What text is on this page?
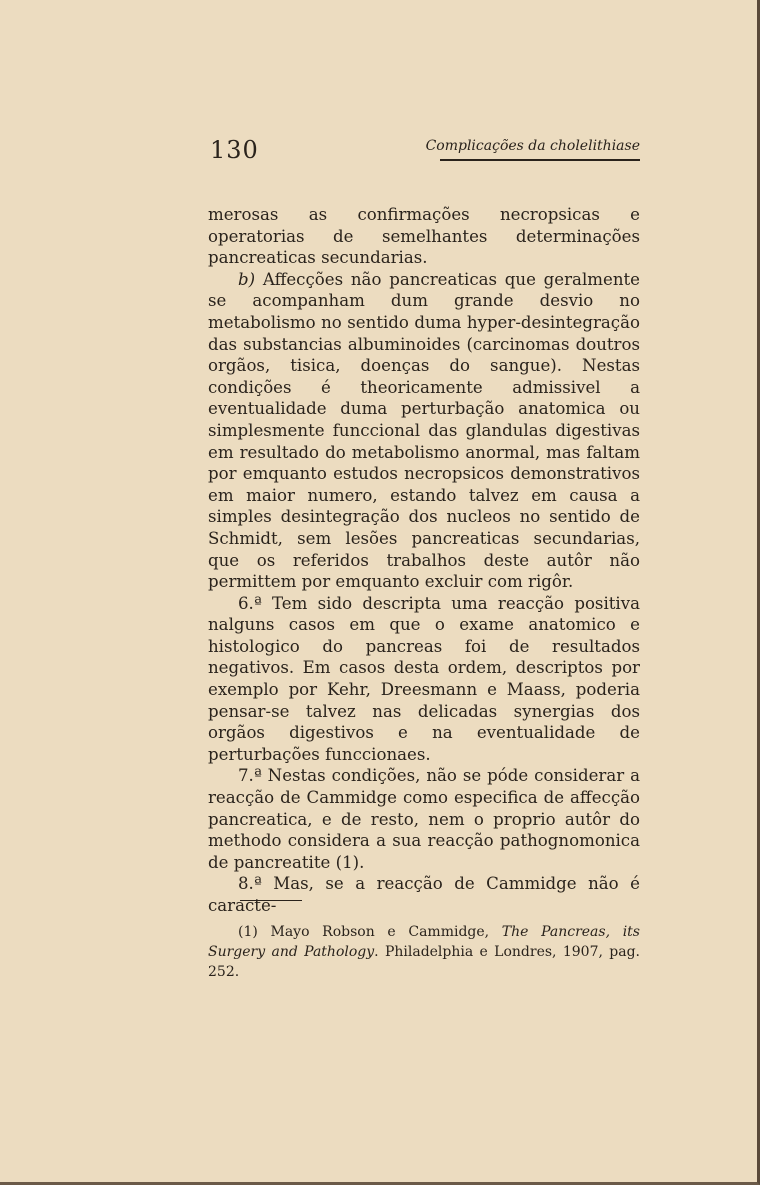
130	Complicações da cholelithiase

merosas as confirmações necropsicas e operatorias de semelhantes determinações pancreaticas secundarias.

b) Affecções não pancreaticas que geralmente se acompanham dum grande desvio no metabolismo no sentido duma hyper-desintegração das substancias albuminoides (carcinomas doutros orgãos, tisica, doenças do sangue). Nestas condições é theoricamente admissivel a eventualidade duma perturbação anatomica ou simplesmente funccional das glandulas digestivas em resultado do metabolismo anormal, mas faltam por emquanto estudos necropsicos demonstrativos em maior numero, estando talvez em causa a simples desintegração dos nucleos no sentido de Schmidt, sem lesões pancreaticas secundarias, que os referidos trabalhos deste autôr não permittem por emquanto excluir com rigôr.

6.ª Tem sido descripta uma reacção positiva nalguns casos em que o exame anatomico e histologico do pancreas foi de resultados negativos. Em casos desta ordem, descriptos por exemplo por Kehr, Dreesmann e Maass, poderia pensar-se talvez nas delicadas synergias dos orgãos digestivos e na eventualidade de perturbações funccionaes.

7.ª Nestas condições, não se póde considerar a reacção de Cammidge como especifica de affecção pancreatica, e de resto, nem o proprio autôr do methodo considera a sua reacção pathognomonica de pancreatite (1).

8.ª Mas, se a reacção de Cammidge não é caracte-

(1) Mayo Robson e Cammidge, The Pancreas, its Surgery and Pathology. Philadelphia e Londres, 1907, pag. 252.
